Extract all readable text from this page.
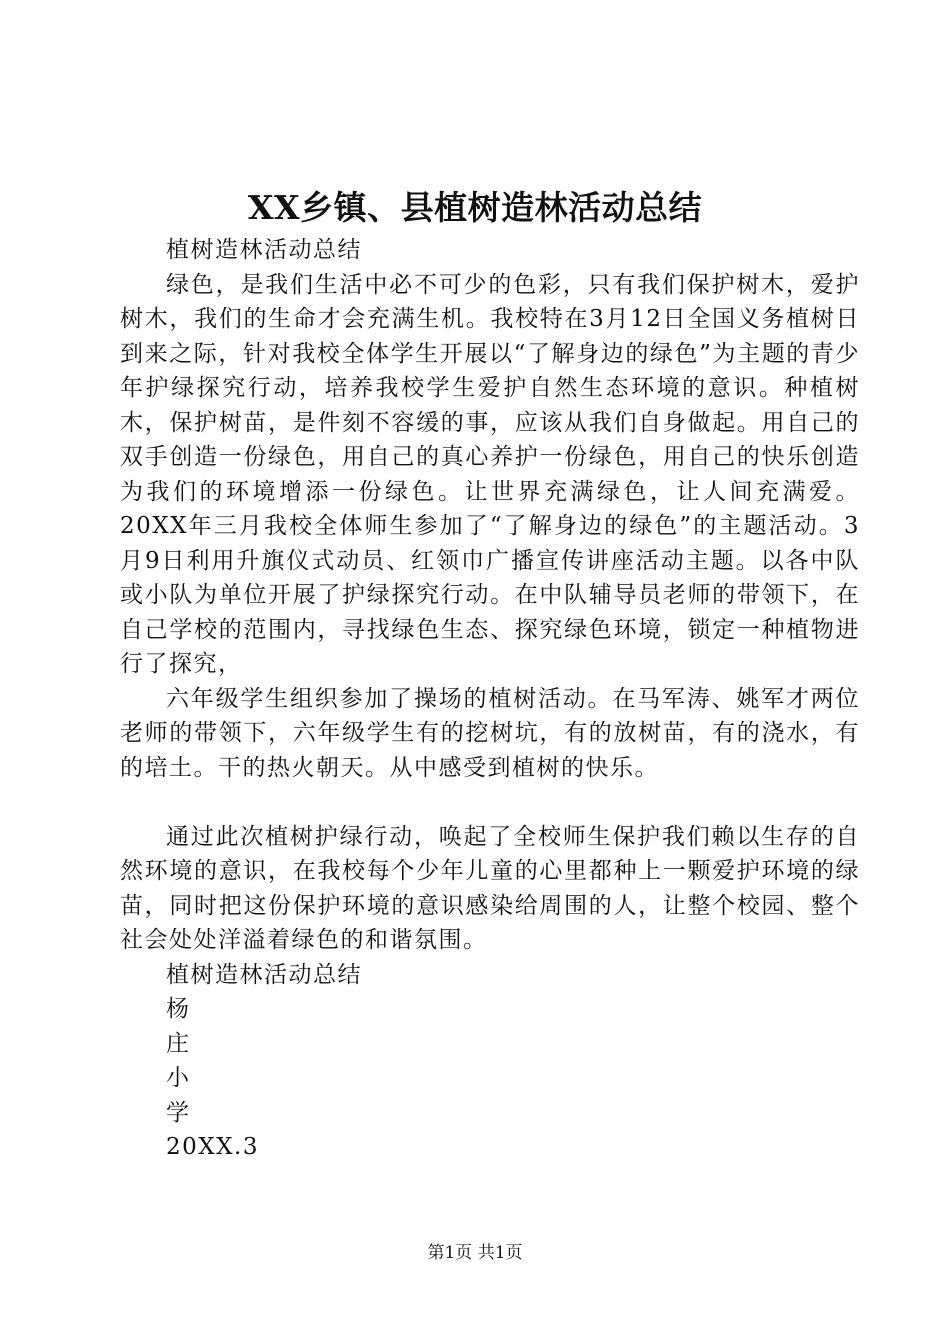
XX乡镇、县植树造林活动总结
植树造林活动总结
绿色，是我们生活中必不可少的色彩，只有我们保护树木，爱护树木，我们的生命才会充满生机。我校特在3月12日全国义务植树日到来之际，针对我校全体学生开展以“了解身边的绿色”为主题的青少年护绿探究行动，培养我校学生爱护自然生态环境的意识。种植树木，保护树苗，是件刻不容缓的事，应该从我们自身做起。用自己的双手创造一份绿色，用自己的真心养护一份绿色，用自己的快乐创造为我们的环境增添一份绿色。让世界充满绿色，让人间充满爱。20XX年三月我校全体师生参加了“了解身边的绿色”的主题活动。3月9日利用升旗仪式动员、红领巾广播宣传讲座活动主题。以各中队或小队为单位开展了护绿探究行动。在中队辅导员老师的带领下，在自己学校的范围内，寻找绿色生态、探究绿色环境，锁定一种植物进行了探究，
六年级学生组织参加了操场的植树活动。在马军涛、姚军才两位老师的带领下，六年级学生有的挖树坑，有的放树苗，有的浇水，有的培土。干的热火朝天。从中感受到植树的快乐。
通过此次植树护绿行动，唤起了全校师生保护我们赖以生存的自然环境的意识，在我校每个少年儿童的心里都种上一颗爱护环境的绿苗，同时把这份保护环境的意识感染给周围的人，让整个校园、整个社会处处洋溢着绿色的和谐氛围。
植树造林活动总结
杨
庄
小
学
20XX.3
第1页 共1页
